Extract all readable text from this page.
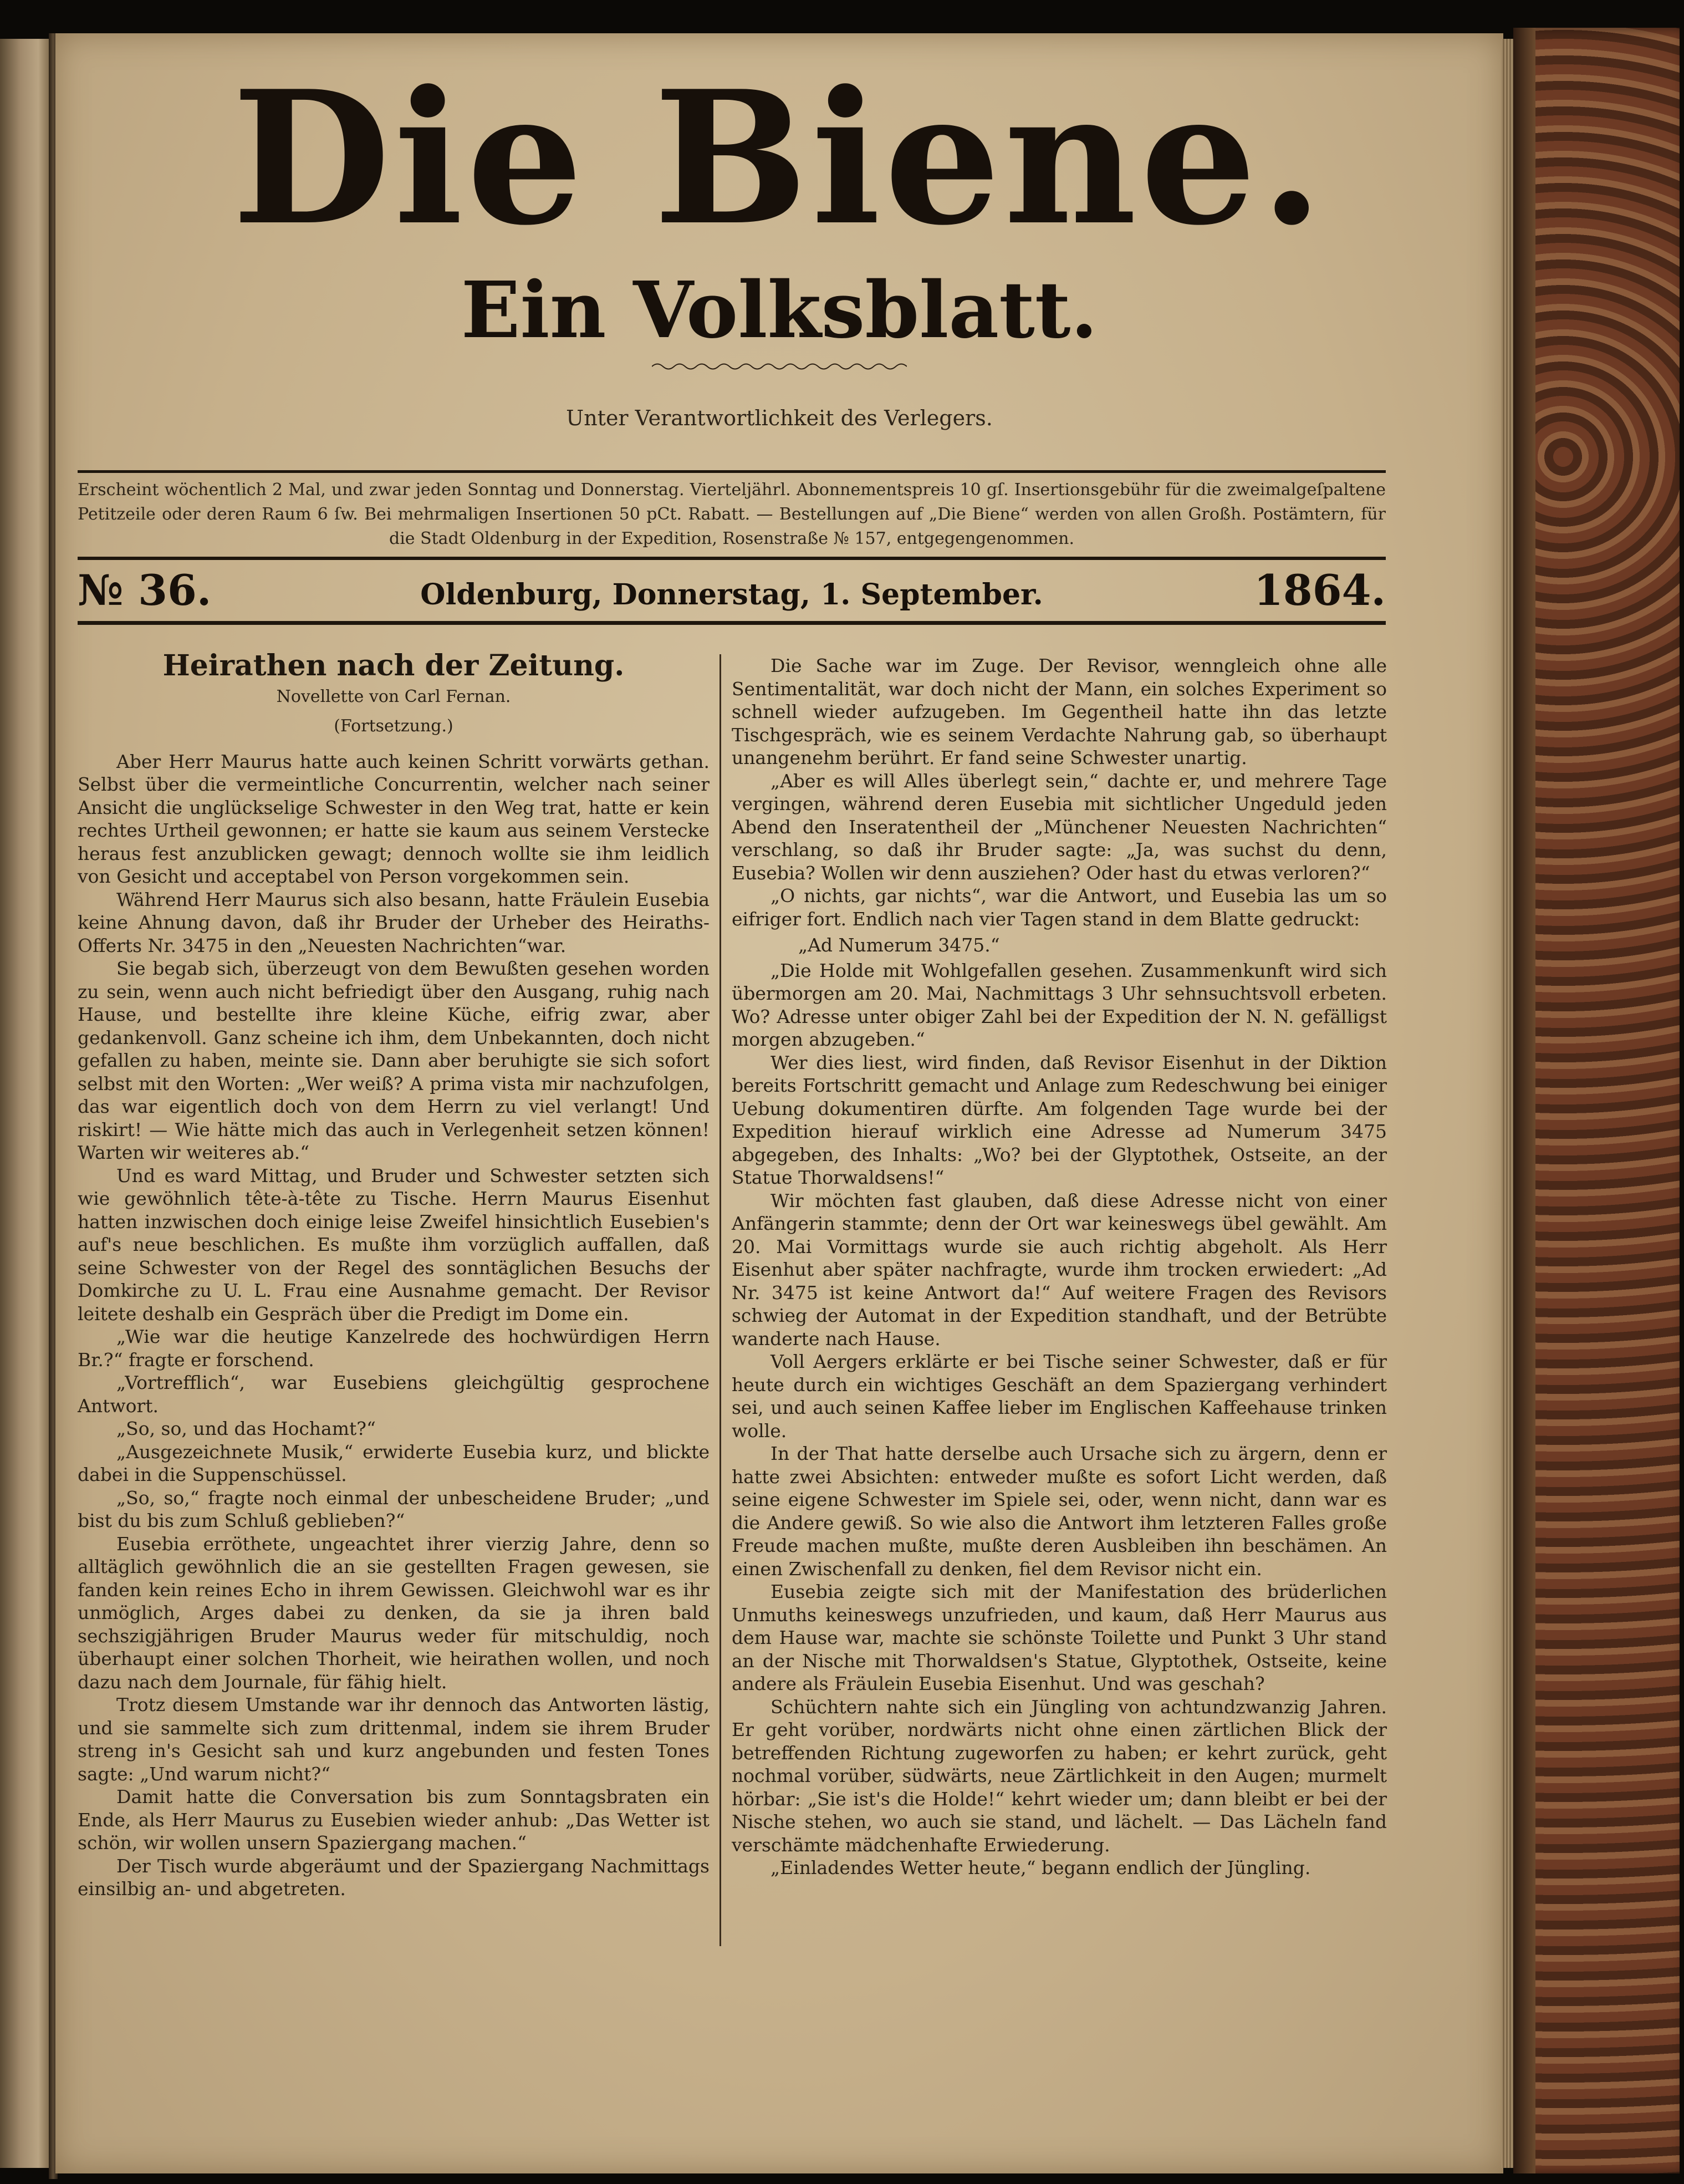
Die Biene.
Ein Volksblatt.
Unter Verantwortlichkeit des Verlegers.
Erscheint wöchentlich 2 Mal, und zwar jeden Sonntag und Donnerstag. Vierteljährl. Abonnementspreis 10 gſ. Insertionsgebühr für die zweimalgeſpaltene Petitzeile oder deren Raum 6 ſw. Bei mehrmaligen Insertionen 50 pCt. Rabatt. — Bestellungen auf „Die Biene“ werden von allen Großh. Postämtern, für die Stadt Oldenburg in der Expedition, Rosenstraße № 157, entgegengenommen.
№ 36.	Oldenburg, Donnerstag, 1. September.	1864.
Heirathen nach der Zeitung.
Novellette von Carl Fernan.
(Fortsetzung.)

Aber Herr Maurus hatte auch keinen Schritt vorwärts gethan. Selbst über die vermeintliche Concurrentin, welcher nach seiner Ansicht die unglückselige Schwester in den Weg trat, hatte er kein rechtes Urtheil gewonnen; er hatte sie kaum aus seinem Verstecke heraus fest anzublicken gewagt; dennoch wollte sie ihm leidlich von Gesicht und acceptabel von Person vorgekommen sein.

Während Herr Maurus sich also besann, hatte Fräulein Eusebia keine Ahnung davon, daß ihr Bruder der Urheber des Heiraths-Offerts Nr. 3475 in den „Neuesten Nachrichten“war.

Sie begab sich, überzeugt von dem Bewußten gesehen worden zu sein, wenn auch nicht befriedigt über den Ausgang, ruhig nach Hause, und bestellte ihre kleine Küche, eifrig zwar, aber gedankenvoll. Ganz scheine ich ihm, dem Unbekannten, doch nicht gefallen zu haben, meinte sie. Dann aber beruhigte sie sich sofort selbst mit den Worten: „Wer weiß? A prima vista mir nachzufolgen, das war eigentlich doch von dem Herrn zu viel verlangt! Und riskirt! — Wie hätte mich das auch in Verlegenheit setzen können! Warten wir weiteres ab.“

Und es ward Mittag, und Bruder und Schwester setzten sich wie gewöhnlich tête-à-tête zu Tische. Herrn Maurus Eisenhut hatten inzwischen doch einige leise Zweifel hinsichtlich Eusebien's auf's neue beschlichen. Es mußte ihm vorzüglich auffallen, daß seine Schwester von der Regel des sonntäglichen Besuchs der Domkirche zu U. L. Frau eine Ausnahme gemacht. Der Revisor leitete deshalb ein Gespräch über die Predigt im Dome ein.

„Wie war die heutige Kanzelrede des hochwürdigen Herrn Br.?“ fragte er forschend.

„Vortrefflich“, war Eusebiens gleichgültig gesprochene Antwort.

„So, so, und das Hochamt?“

„Ausgezeichnete Musik,“ erwiderte Eusebia kurz, und blickte dabei in die Suppenschüssel.

„So, so,“ fragte noch einmal der unbescheidene Bruder; „und bist du bis zum Schluß geblieben?“

Eusebia erröthete, ungeachtet ihrer vierzig Jahre, denn so alltäglich gewöhnlich die an sie gestellten Fragen gewesen, sie fanden kein reines Echo in ihrem Gewissen. Gleichwohl war es ihr unmöglich, Arges dabei zu denken, da sie ja ihren bald sechszigjährigen Bruder Maurus weder für mitschuldig, noch überhaupt einer solchen Thorheit, wie heirathen wollen, und noch dazu nach dem Journale, für fähig hielt.

Trotz diesem Umstande war ihr dennoch das Antworten lästig, und sie sammelte sich zum drittenmal, indem sie ihrem Bruder streng in's Gesicht sah und kurz angebunden und festen Tones sagte: „Und warum nicht?“

Damit hatte die Conversation bis zum Sonntagsbraten ein Ende, als Herr Maurus zu Eusebien wieder anhub: „Das Wetter ist schön, wir wollen unsern Spaziergang machen.“

Der Tisch wurde abgeräumt und der Spaziergang Nachmittags einsilbig an- und abgetreten.

Die Sache war im Zuge. Der Revisor, wenngleich ohne alle Sentimentalität, war doch nicht der Mann, ein solches Experiment so schnell wieder aufzugeben. Im Gegentheil hatte ihn das letzte Tischgespräch, wie es seinem Verdachte Nahrung gab, so überhaupt unangenehm berührt. Er fand seine Schwester unartig.

„Aber es will Alles überlegt sein,“ dachte er, und mehrere Tage vergingen, während deren Eusebia mit sichtlicher Ungeduld jeden Abend den Inseratentheil der „Münchener Neuesten Nachrichten“ verschlang, so daß ihr Bruder sagte: „Ja, was suchst du denn, Eusebia? Wollen wir denn ausziehen? Oder hast du etwas verloren?“

„O nichts, gar nichts“, war die Antwort, und Eusebia las um so eifriger fort. Endlich nach vier Tagen stand in dem Blatte gedruckt:

„Ad Numerum 3475.“

„Die Holde mit Wohlgefallen gesehen. Zusammenkunft wird sich übermorgen am 20. Mai, Nachmittags 3 Uhr sehnsuchtsvoll erbeten. Wo? Adresse unter obiger Zahl bei der Expedition der N. N. gefälligst morgen abzugeben.“

Wer dies liest, wird finden, daß Revisor Eisenhut in der Diktion bereits Fortschritt gemacht und Anlage zum Redeschwung bei einiger Uebung dokumentiren dürfte. Am folgenden Tage wurde bei der Expedition hierauf wirklich eine Adresse ad Numerum 3475 abgegeben, des Inhalts: „Wo? bei der Glyptothek, Ostseite, an der Statue Thorwaldsens!“

Wir möchten fast glauben, daß diese Adresse nicht von einer Anfängerin stammte; denn der Ort war keineswegs übel gewählt. Am 20. Mai Vormittags wurde sie auch richtig abgeholt. Als Herr Eisenhut aber später nachfragte, wurde ihm trocken erwiedert: „Ad Nr. 3475 ist keine Antwort da!“ Auf weitere Fragen des Revisors schwieg der Automat in der Expedition standhaft, und der Betrübte wanderte nach Hause.

Voll Aergers erklärte er bei Tische seiner Schwester, daß er für heute durch ein wichtiges Geschäft an dem Spaziergang verhindert sei, und auch seinen Kaffee lieber im Englischen Kaffeehause trinken wolle.

In der That hatte derselbe auch Ursache sich zu ärgern, denn er hatte zwei Absichten: entweder mußte es sofort Licht werden, daß seine eigene Schwester im Spiele sei, oder, wenn nicht, dann war es die Andere gewiß. So wie also die Antwort ihm letzteren Falles große Freude machen mußte, mußte deren Ausbleiben ihn beschämen. An einen Zwischenfall zu denken, fiel dem Revisor nicht ein.

Eusebia zeigte sich mit der Manifestation des brüderlichen Unmuths keineswegs unzufrieden, und kaum, daß Herr Maurus aus dem Hause war, machte sie schönste Toilette und Punkt 3 Uhr stand an der Nische mit Thorwaldsen's Statue, Glyptothek, Ostseite, keine andere als Fräulein Eusebia Eisenhut. Und was geschah?

Schüchtern nahte sich ein Jüngling von achtundzwanzig Jahren. Er geht vorüber, nordwärts nicht ohne einen zärtlichen Blick der betreffenden Richtung zugeworfen zu haben; er kehrt zurück, geht nochmal vorüber, südwärts, neue Zärtlichkeit in den Augen; murmelt hörbar: „Sie ist's die Holde!“ kehrt wieder um; dann bleibt er bei der Nische stehen, wo auch sie stand, und lächelt. — Das Lächeln fand verschämte mädchenhafte Erwiederung.

„Einladendes Wetter heute,“ begann endlich der Jüngling.
